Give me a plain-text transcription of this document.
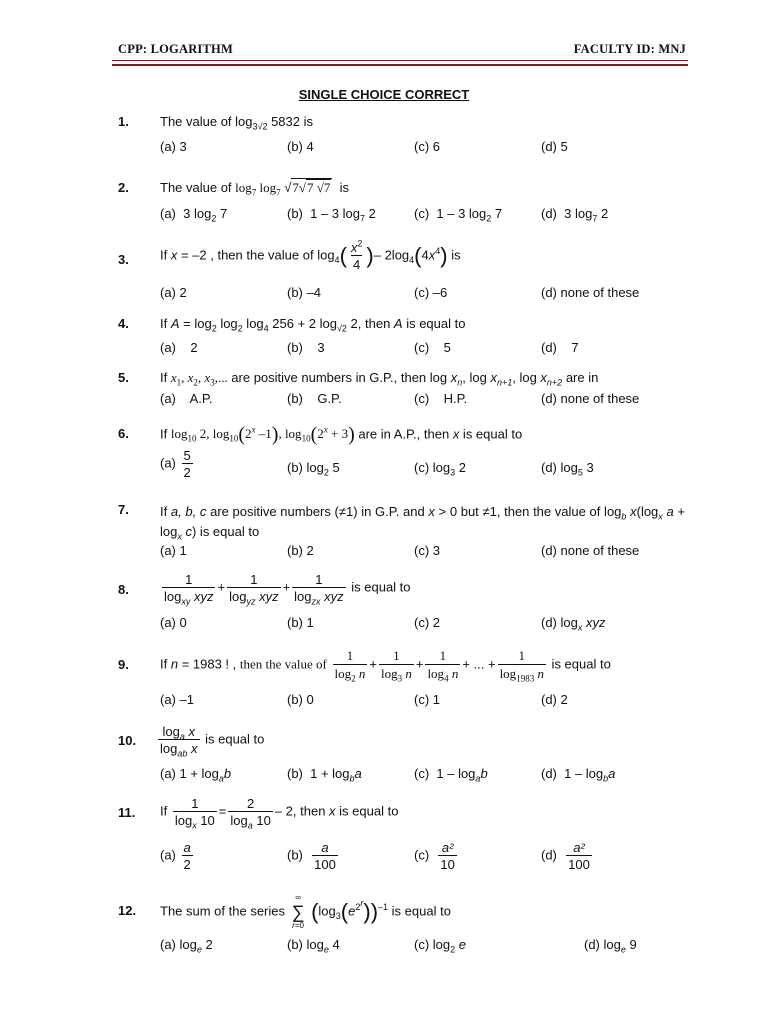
CPP: LOGARITHM	FACULTY ID: MNJ
SINGLE CHOICE CORRECT
1. The value of $\log_{3√2} 5832$ is
(a) 3	(b) 4	(c) 6	(d) 5
2. The value of $\log_7 \log_7 √7√7$ √7  is
(a)  3 $\log_2 7$	(b)  1 – 3 $\log_7 2$	(c)  1 – 3 $\log_2 7$	(d)  3 $\log_7 2$
3. If x = –2 , then the value of $\log_4( \frac{x^2}{4}$ )– $2\log_4(4x^4)$ is
(a) 2	(b) –4	(c) –6	(d) none of these
4. If $A = \log_2 \log_2 \log_4 256 + 2$ $\log_{√2} 2$, then A is equal to
(a)    2	(b)    3	(c)    5	(d)    7
5. If $x_1$, $x_2$, $x_3$,... are positive numbers in G.P., then $\log x_n$, $\log x_{n+1}$, $\log x_{n+2}$ are in
(a)    A.P.	(b)    G.P.	(c)    H.P.	(d) none of these
6. If $\log_{10} 2$, $\log_{10}(2^x$ –1), $\log_{10}(2^x + 3)$ are in A.P., then x is equal to
$(a) \frac{5}{2}$	(b) $\log_2 5$	(c) $\log_3 2$	(d) $\log_5 3$
7. If a, b, c are positive numbers (≠1) in G.P. and x > 0 but ≠1, then the value of $\log_b x(\log_x$ $a + \log_x c$) is equal to
(a) 1	(b) 2	(c) 3	(d) none of these
8.	$\frac{1}{\log_{xy} xyz} + \frac{1}{\log_{yz} xyz} + \frac{1}{\log_{zx} xyz}$ is equal to
(a) 0	(b) 1	(c) 2	(d) $\log_x$ xyz
9. If n = 1983 ! , then the value of $\frac{1}{\log_2 n} + \frac{1}{\log_3 n} + \frac{1}{\log_4 n}$ + ... + $\frac{1}{\log_{1983} n}$ is equal to
(a) –1	(b) 0	(c) 1	(d) 2
10. $\frac{\log_a x}{\log_{ab} x}$ is equal to
(a) $1 + \log_ab$	(b)  $1 + \log_ba$	(c)  $1 - \log_ab$	(d)  $1 - \log_ba$
11. If $\frac{1}{\log_x 10} = \frac{2}{\log_a 10} - 2$, then x is equal to
$(a) \frac{a}{2}$	$(b) \frac{a}{100}$	$(c) \frac{\text{a²}}{10}$	$(d) \frac{\text{a²}}{100}$
12. The sum of the series
∞
∑
r=0
$(\log_3(e^{2^r}))^{-1}$ is equal to
(a) $\log_e 2$	(b) $\log_e 4$	(c) $\log_2 e$	(d) $\log_e 9$
